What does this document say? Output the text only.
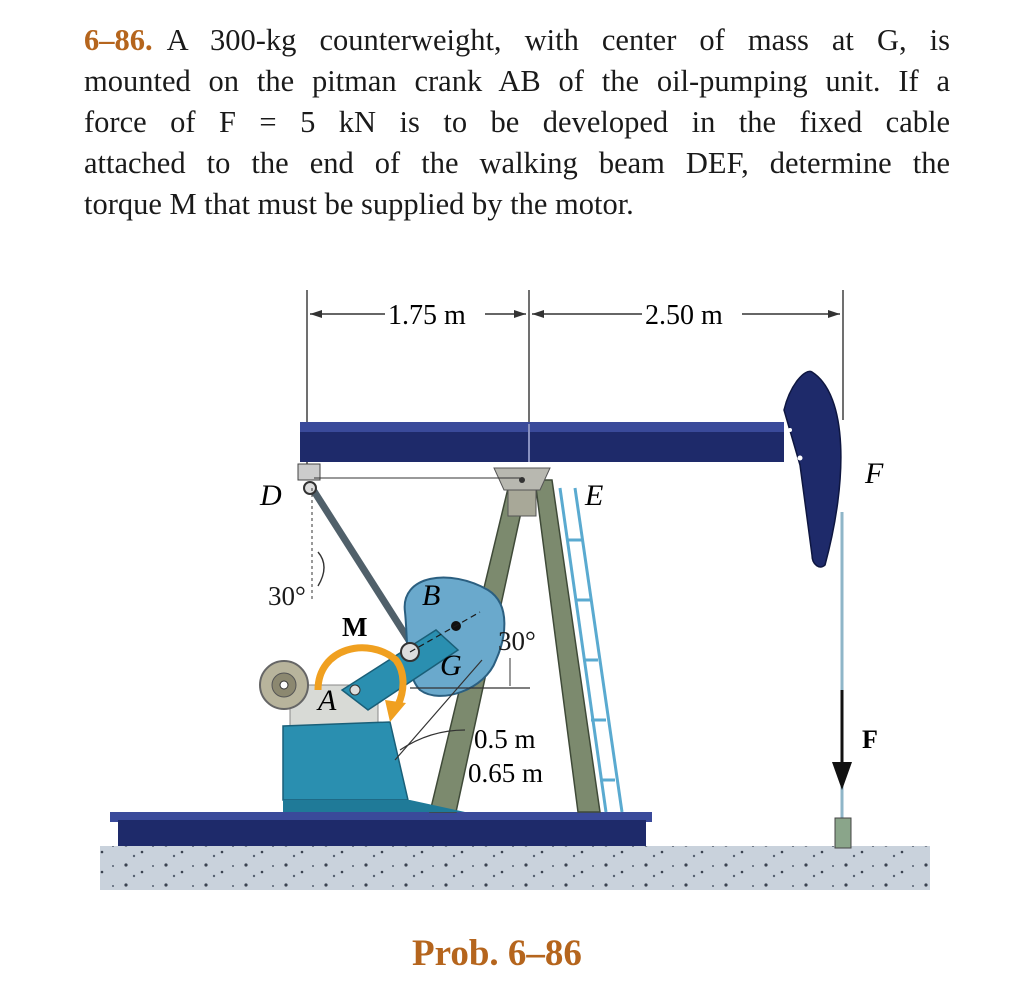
6–86. A 300-kg counterweight, with center of mass at G, is
mounted on the pitman crank AB of the oil-pumping unit. If a
force of F = 5 kN is to be developed in the fixed cable
attached to the end of the walking beam DEF, determine the
torque M that must be supplied by the motor.
1.75 m	2.50 m
30°
30°
0.5 m
0.65 m
D	E
F
F
B
G
A
M
Prob. 6–86
